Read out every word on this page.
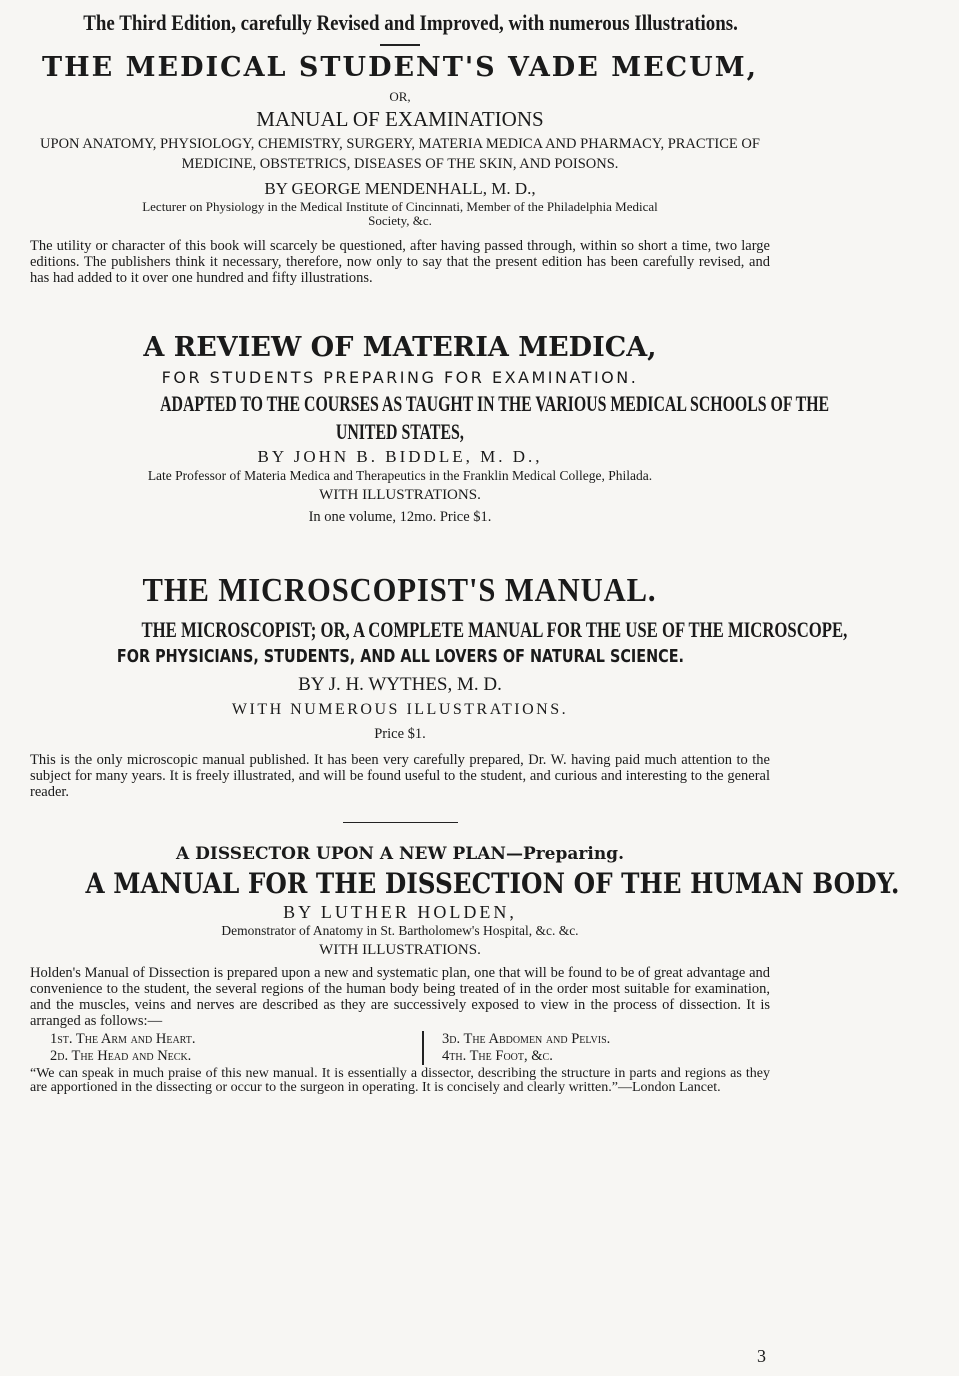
The Third Edition, carefully Revised and Improved, with numerous Illustrations.
THE MEDICAL STUDENT'S VADE MECUM,
OR,
MANUAL OF EXAMINATIONS
UPON ANATOMY, PHYSIOLOGY, CHEMISTRY, SURGERY, MATERIA MEDICA AND PHARMACY, PRACTICE OF MEDICINE, OBSTETRICS, DISEASES OF THE SKIN, AND POISONS.
BY GEORGE MENDENHALL, M. D.,
Lecturer on Physiology in the Medical Institute of Cincinnati, Member of the Philadelphia Medical Society, &c.

The utility or character of this book will scarcely be questioned, after having passed through, within so short a time, two large editions. The publishers think it necessary, therefore, now only to say that the present edition has been carefully revised, and has had added to it over one hundred and fifty illustrations.

A REVIEW OF MATERIA MEDICA,
FOR STUDENTS PREPARING FOR EXAMINATION.
ADAPTED TO THE COURSES AS TAUGHT IN THE VARIOUS MEDICAL SCHOOLS OF THE
UNITED STATES,
BY JOHN B. BIDDLE, M. D.,
Late Professor of Materia Medica and Therapeutics in the Franklin Medical College, Philada.
WITH ILLUSTRATIONS.
In one volume, 12mo. Price $1.
THE MICROSCOPIST'S MANUAL.
THE MICROSCOPIST; OR, A COMPLETE MANUAL FOR THE USE OF THE MICROSCOPE,
FOR PHYSICIANS, STUDENTS, AND ALL LOVERS OF NATURAL SCIENCE.
BY J. H. WYTHES, M. D.
WITH NUMEROUS ILLUSTRATIONS.
Price $1.

This is the only microscopic manual published. It has been very carefully prepared, Dr. W. having paid much attention to the subject for many years. It is freely illustrated, and will be found useful to the student, and curious and interesting to the general reader.

A DISSECTOR UPON A NEW PLAN—Preparing.
A MANUAL FOR THE DISSECTION OF THE HUMAN BODY.
BY LUTHER HOLDEN,
Demonstrator of Anatomy in St. Bartholomew's Hospital, &c. &c.
WITH ILLUSTRATIONS.

Holden's Manual of Dissection is prepared upon a new and systematic plan, one that will be found to be of great advantage and convenience to the student, the several regions of the human body being treated of in the order most suitable for examination, and the muscles, veins and nerves are described as they are successively exposed to view in the process of dissection. It is arranged as follows:—

1st. The Arm and Heart.
2d. The Head and Neck.
3d. The Abdomen and Pelvis.
4th. The Foot, &c.

“We can speak in much praise of this new manual. It is essentially a dissector, describing the structure in parts and regions as they are apportioned in the dissecting or occur to the surgeon in operating. It is concisely and clearly written.”—London Lancet.

3
